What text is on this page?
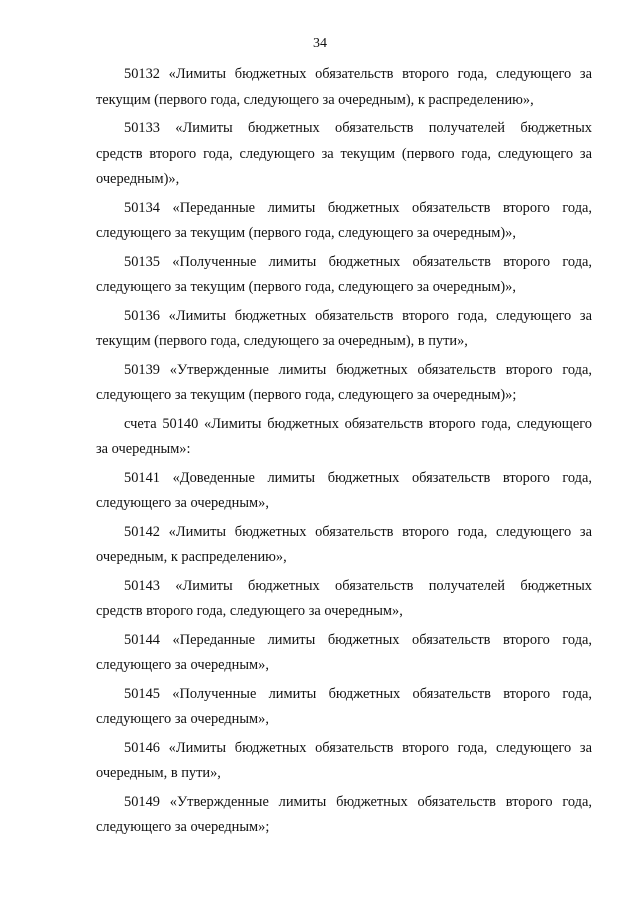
34

50132 «Лимиты бюджетных обязательств второго года, следующего за
текущим (первого года, следующего за очередным), к распределению»,

50133 «Лимиты бюджетных обязательств получателей бюджетных
средств второго года, следующего за текущим (первого года, следующего за
очередным)»,

50134 «Переданные лимиты бюджетных обязательств второго года,
следующего за текущим (первого года, следующего за очередным)»,

50135 «Полученные лимиты бюджетных обязательств второго года,
следующего за текущим (первого года, следующего за очередным)»,

50136 «Лимиты бюджетных обязательств второго года, следующего за
текущим (первого года, следующего за очередным), в пути»,

50139 «Утвержденные лимиты бюджетных обязательств второго года,
следующего за текущим (первого года, следующего за очередным)»;

счета 50140 «Лимиты бюджетных обязательств второго года, следующего
за очередным»:

50141 «Доведенные лимиты бюджетных обязательств второго года,
следующего за очередным»,

50142 «Лимиты бюджетных обязательств второго года, следующего за
очередным, к распределению»,

50143 «Лимиты бюджетных обязательств получателей бюджетных
средств второго года, следующего за очередным»,

50144 «Переданные лимиты бюджетных обязательств второго года,
следующего за очередным»,

50145 «Полученные лимиты бюджетных обязательств второго года,
следующего за очередным»,

50146 «Лимиты бюджетных обязательств второго года, следующего за
очередным, в пути»,

50149 «Утвержденные лимиты бюджетных обязательств второго года,
следующего за очередным»;
